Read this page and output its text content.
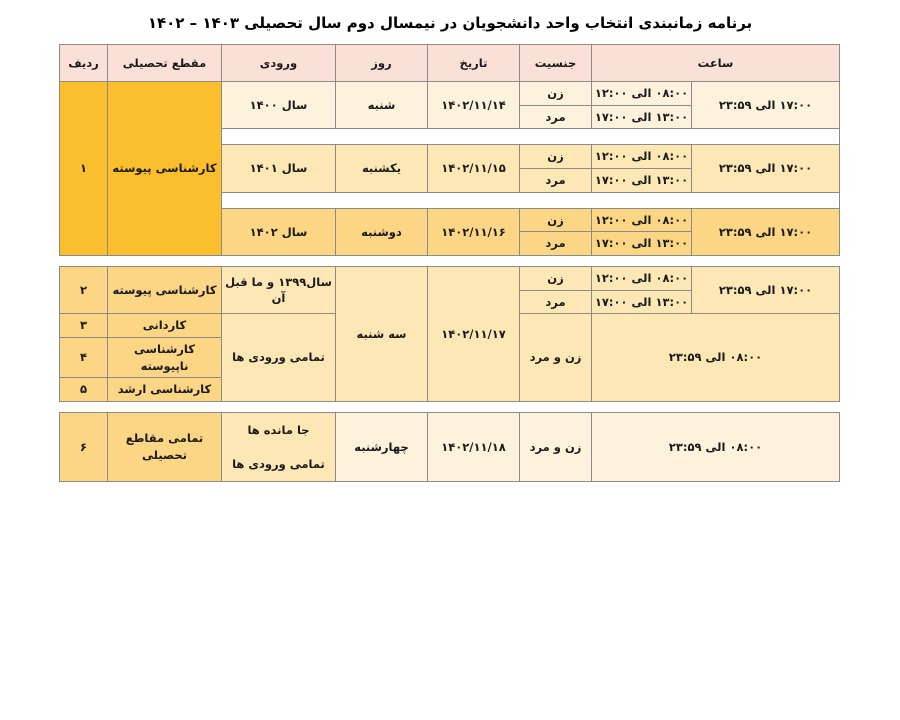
برنامه زمانبندی انتخاب واحد دانشجویان در نیمسال دوم سال تحصیلی ۱۴۰۳ – ۱۴۰۲
ساعت		جنسیت	تاریخ	روز	ورودی	مقطع تحصیلی	ردیف
۱۷:۰۰ الی ۲۳:۵۹	۰۸:۰۰ الی ۱۲:۰۰	زن	۱۴۰۲/۱۱/۱۴	شنبه	سال ۱۴۰۰	کارشناسی پیوسته	۱
	۱۳:۰۰ الی ۱۷:۰۰	مرد					

۱۷:۰۰ الی ۲۳:۵۹	۰۸:۰۰ الی ۱۲:۰۰	زن	۱۴۰۲/۱۱/۱۵	یکشنبه	سال ۱۴۰۱		
	۱۳:۰۰ الی ۱۷:۰۰	مرد					

۱۷:۰۰ الی ۲۳:۵۹	۰۸:۰۰ الی ۱۲:۰۰	زن	۱۴۰۲/۱۱/۱۶	دوشنبه	سال ۱۴۰۲		
	۱۳:۰۰ الی ۱۷:۰۰	مرد					
۱۷:۰۰ الی ۲۳:۵۹	۰۸:۰۰ الی ۱۲:۰۰	زن	۱۴۰۲/۱۱/۱۷	سه شنبه	سال۱۳۹۹ و ما قبل آن	کارشناسی پیوسته	۲
	۱۳:۰۰ الی ۱۷:۰۰	مرد					
۰۸:۰۰ الی ۲۳:۵۹		زن و مرد			تمامی ورودی ها	کاردانی	۳
						کارشناسی ناپیوسته	۴
						کارشناسی ارشد	۵
۰۸:۰۰ الی ۲۳:۵۹	زن و مرد	۱۴۰۲/۱۱/۱۸	چهارشنبه	جا مانده ها	تمامی مقاطع تحصیلی	۶
تمامی ورودی ها
